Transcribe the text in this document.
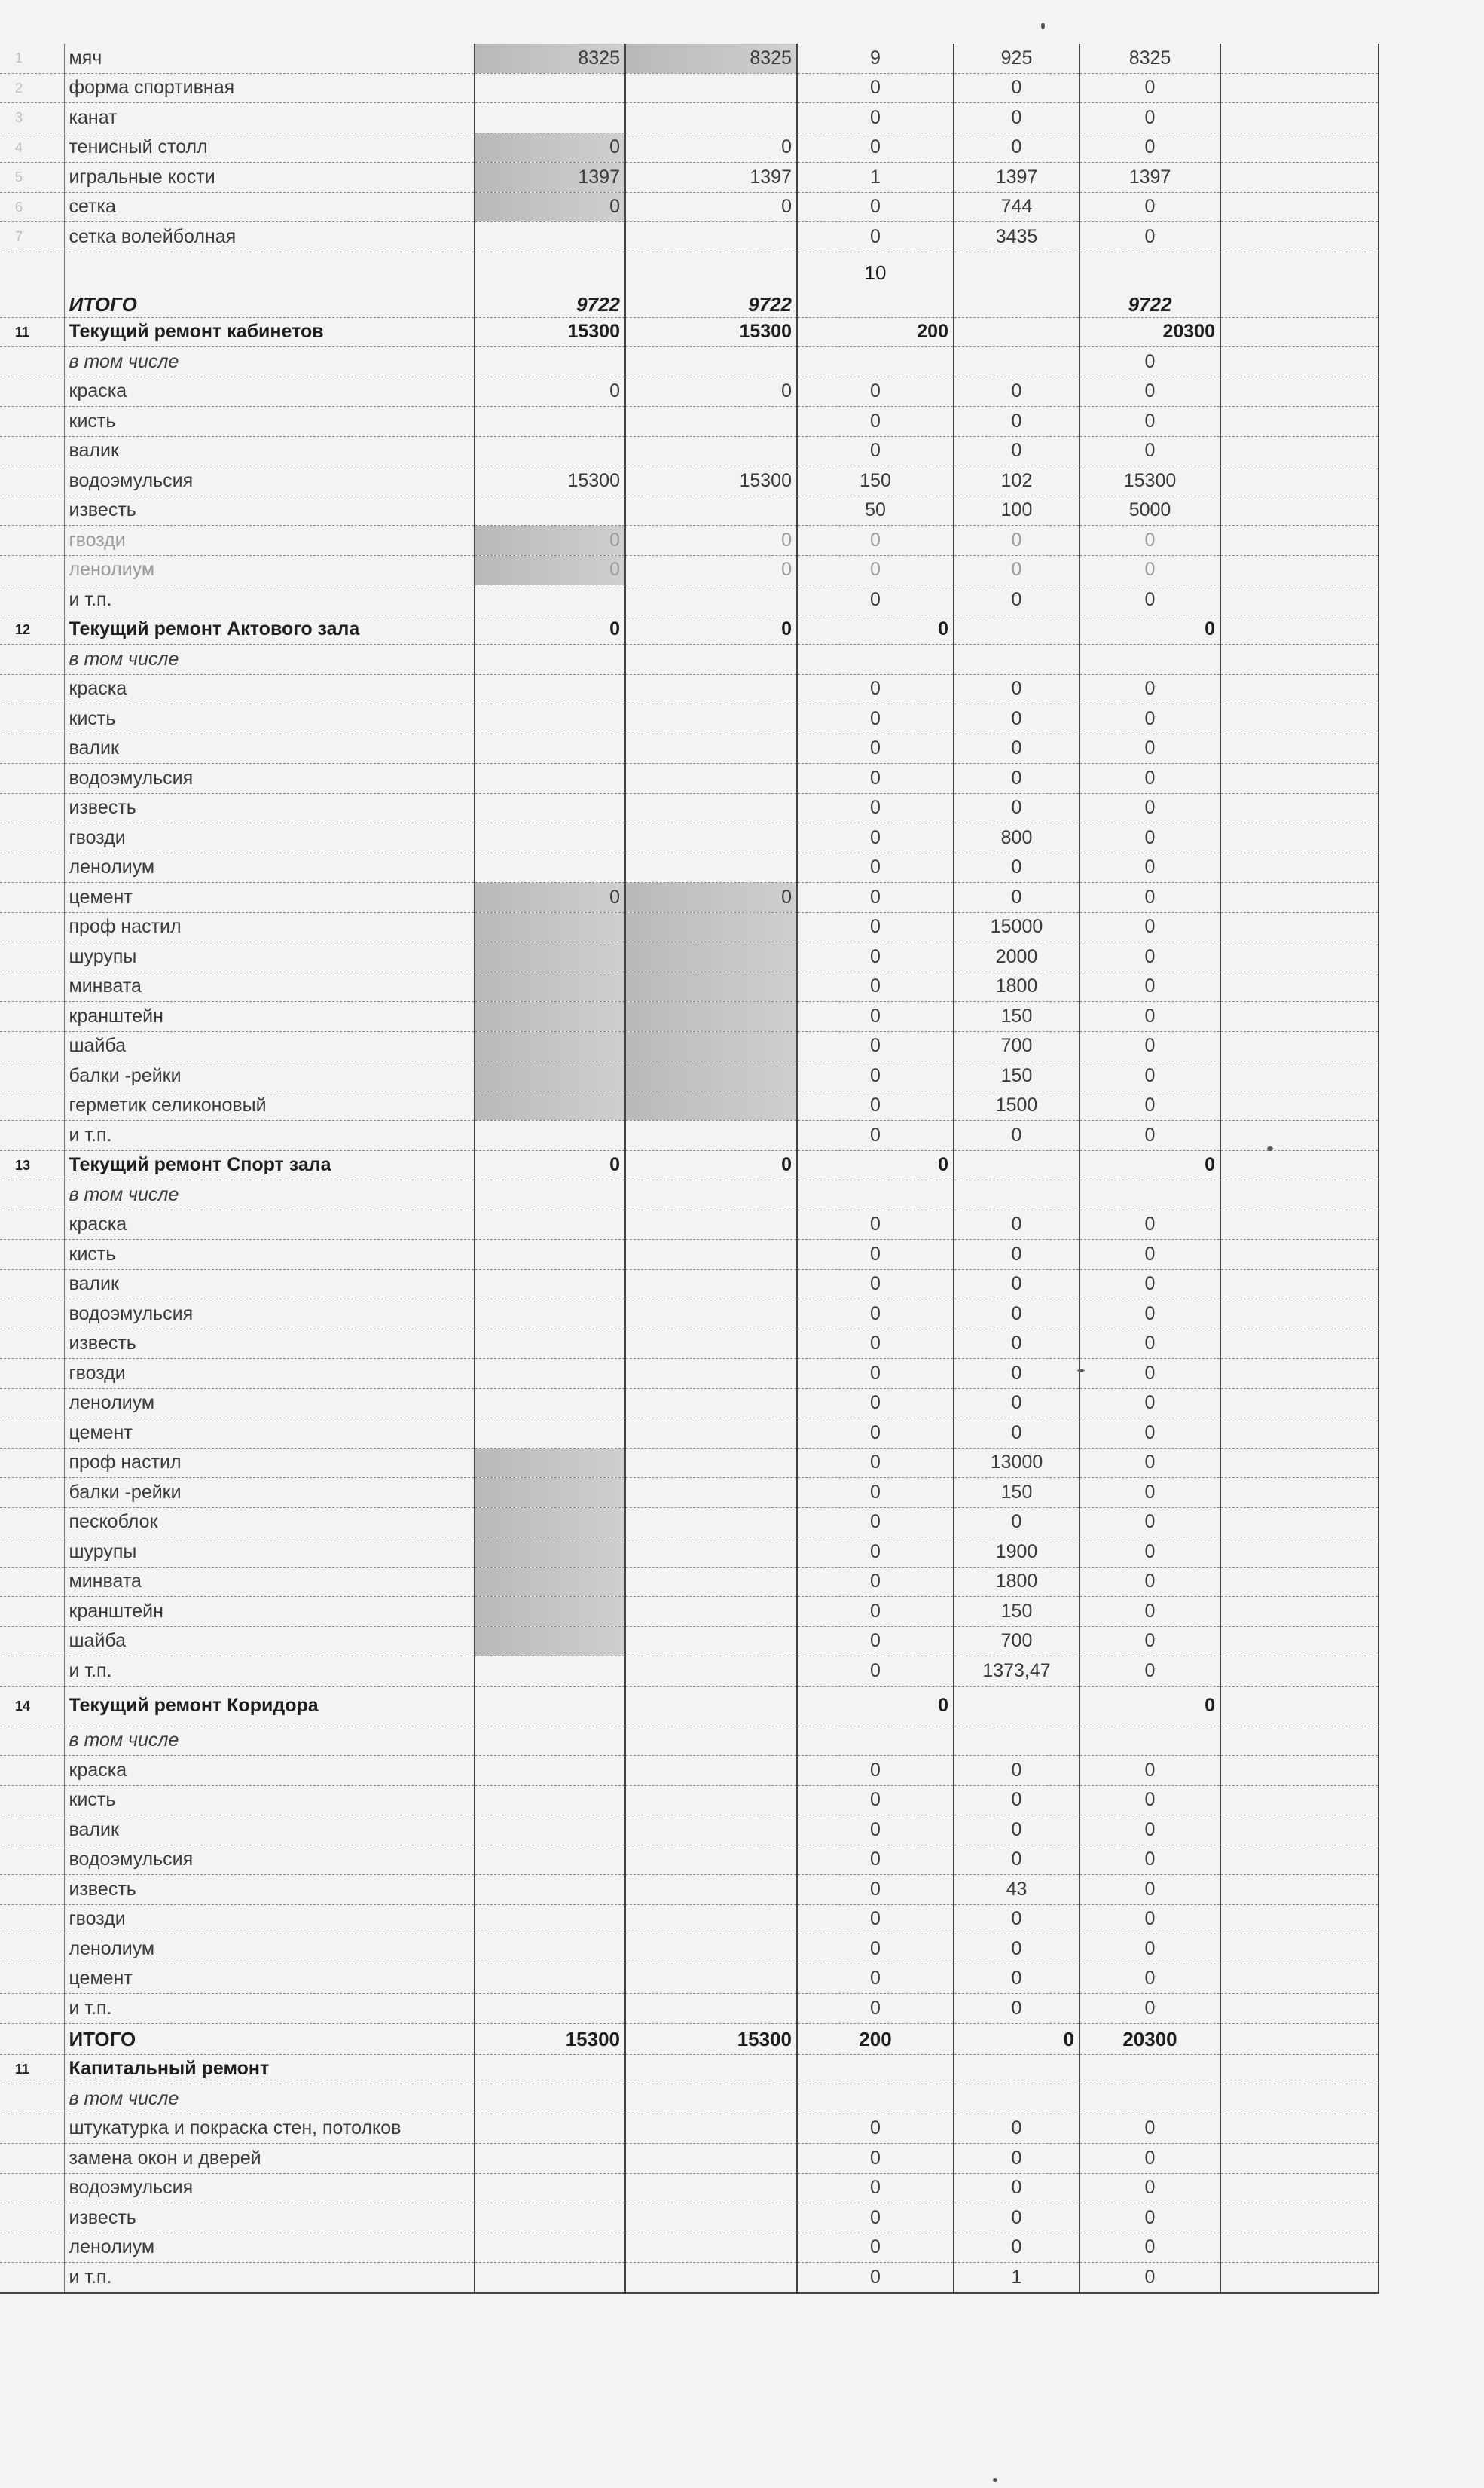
1	мяч	8325	8325	9	925	8325	
2	форма спортивная			0	0	0	
3	канат			0	0	0	
4	тенисный столл	0	0	0	0	0	
5	игральные кости	1397	1397	1	1397	1397	
6	сетка	0	0	0	744	0	
7	сетка волейболная			0	3435	0	
	ИТОГО	9722	9722	10		9722	
11	Текущий ремонт кабинетов	15300	15300	200		20300	
	в том числе					0	
	краска	0	0	0	0	0	
	кисть			0	0	0	
	валик			0	0	0	
	водоэмульсия	15300	15300	150	102	15300	
	известь			50	100	5000	
	гвозди	0	0	0	0	0	
	ленолиум	0	0	0	0	0	
	и т.п.			0	0	0	
12	Текущий ремонт Актового зала	0	0	0		0	
	в том числе						
	краска			0	0	0	
	кисть			0	0	0	
	валик			0	0	0	
	водоэмульсия			0	0	0	
	известь			0	0	0	
	гвозди			0	800	0	
	ленолиум			0	0	0	
	цемент	0	0	0	0	0	
	проф настил			0	15000	0	
	шурупы			0	2000	0	
	минвата			0	1800	0	
	кранштейн			0	150	0	
	шайба			0	700	0	
	балки -рейки			0	150	0	
	герметик селиконовый			0	1500	0	
	и т.п.			0	0	0	
13	Текущий ремонт Спорт зала	0	0	0		0	
	в том числе						
	краска			0	0	0	
	кисть			0	0	0	
	валик			0	0	0	
	водоэмульсия			0	0	0	
	известь			0	0	0	
	гвозди			0	0	0	
	ленолиум			0	0	0	
	цемент			0	0	0	
	проф настил			0	13000	0	
	балки -рейки			0	150	0	
	пескоблок			0	0	0	
	шурупы			0	1900	0	
	минвата			0	1800	0	
	кранштейн			0	150	0	
	шайба			0	700	0	
	и т.п.			0	1373,47	0	
14	Текущий ремонт Коридора			0		0	
	в том числе						
	краска			0	0	0	
	кисть			0	0	0	
	валик			0	0	0	
	водоэмульсия			0	0	0	
	известь			0	43	0	
	гвозди			0	0	0	
	ленолиум			0	0	0	
	цемент			0	0	0	
	и т.п.			0	0	0	
	ИТОГО	15300	15300	200	0	20300	
11	Капитальный ремонт						
	в том числе						
	штукатурка и покраска стен, потолков			0	0	0	
	замена окон и дверей			0	0	0	
	водоэмульсия			0	0	0	
	известь			0	0	0	
	ленолиум			0	0	0	
	и т.п.			0	1	0	
